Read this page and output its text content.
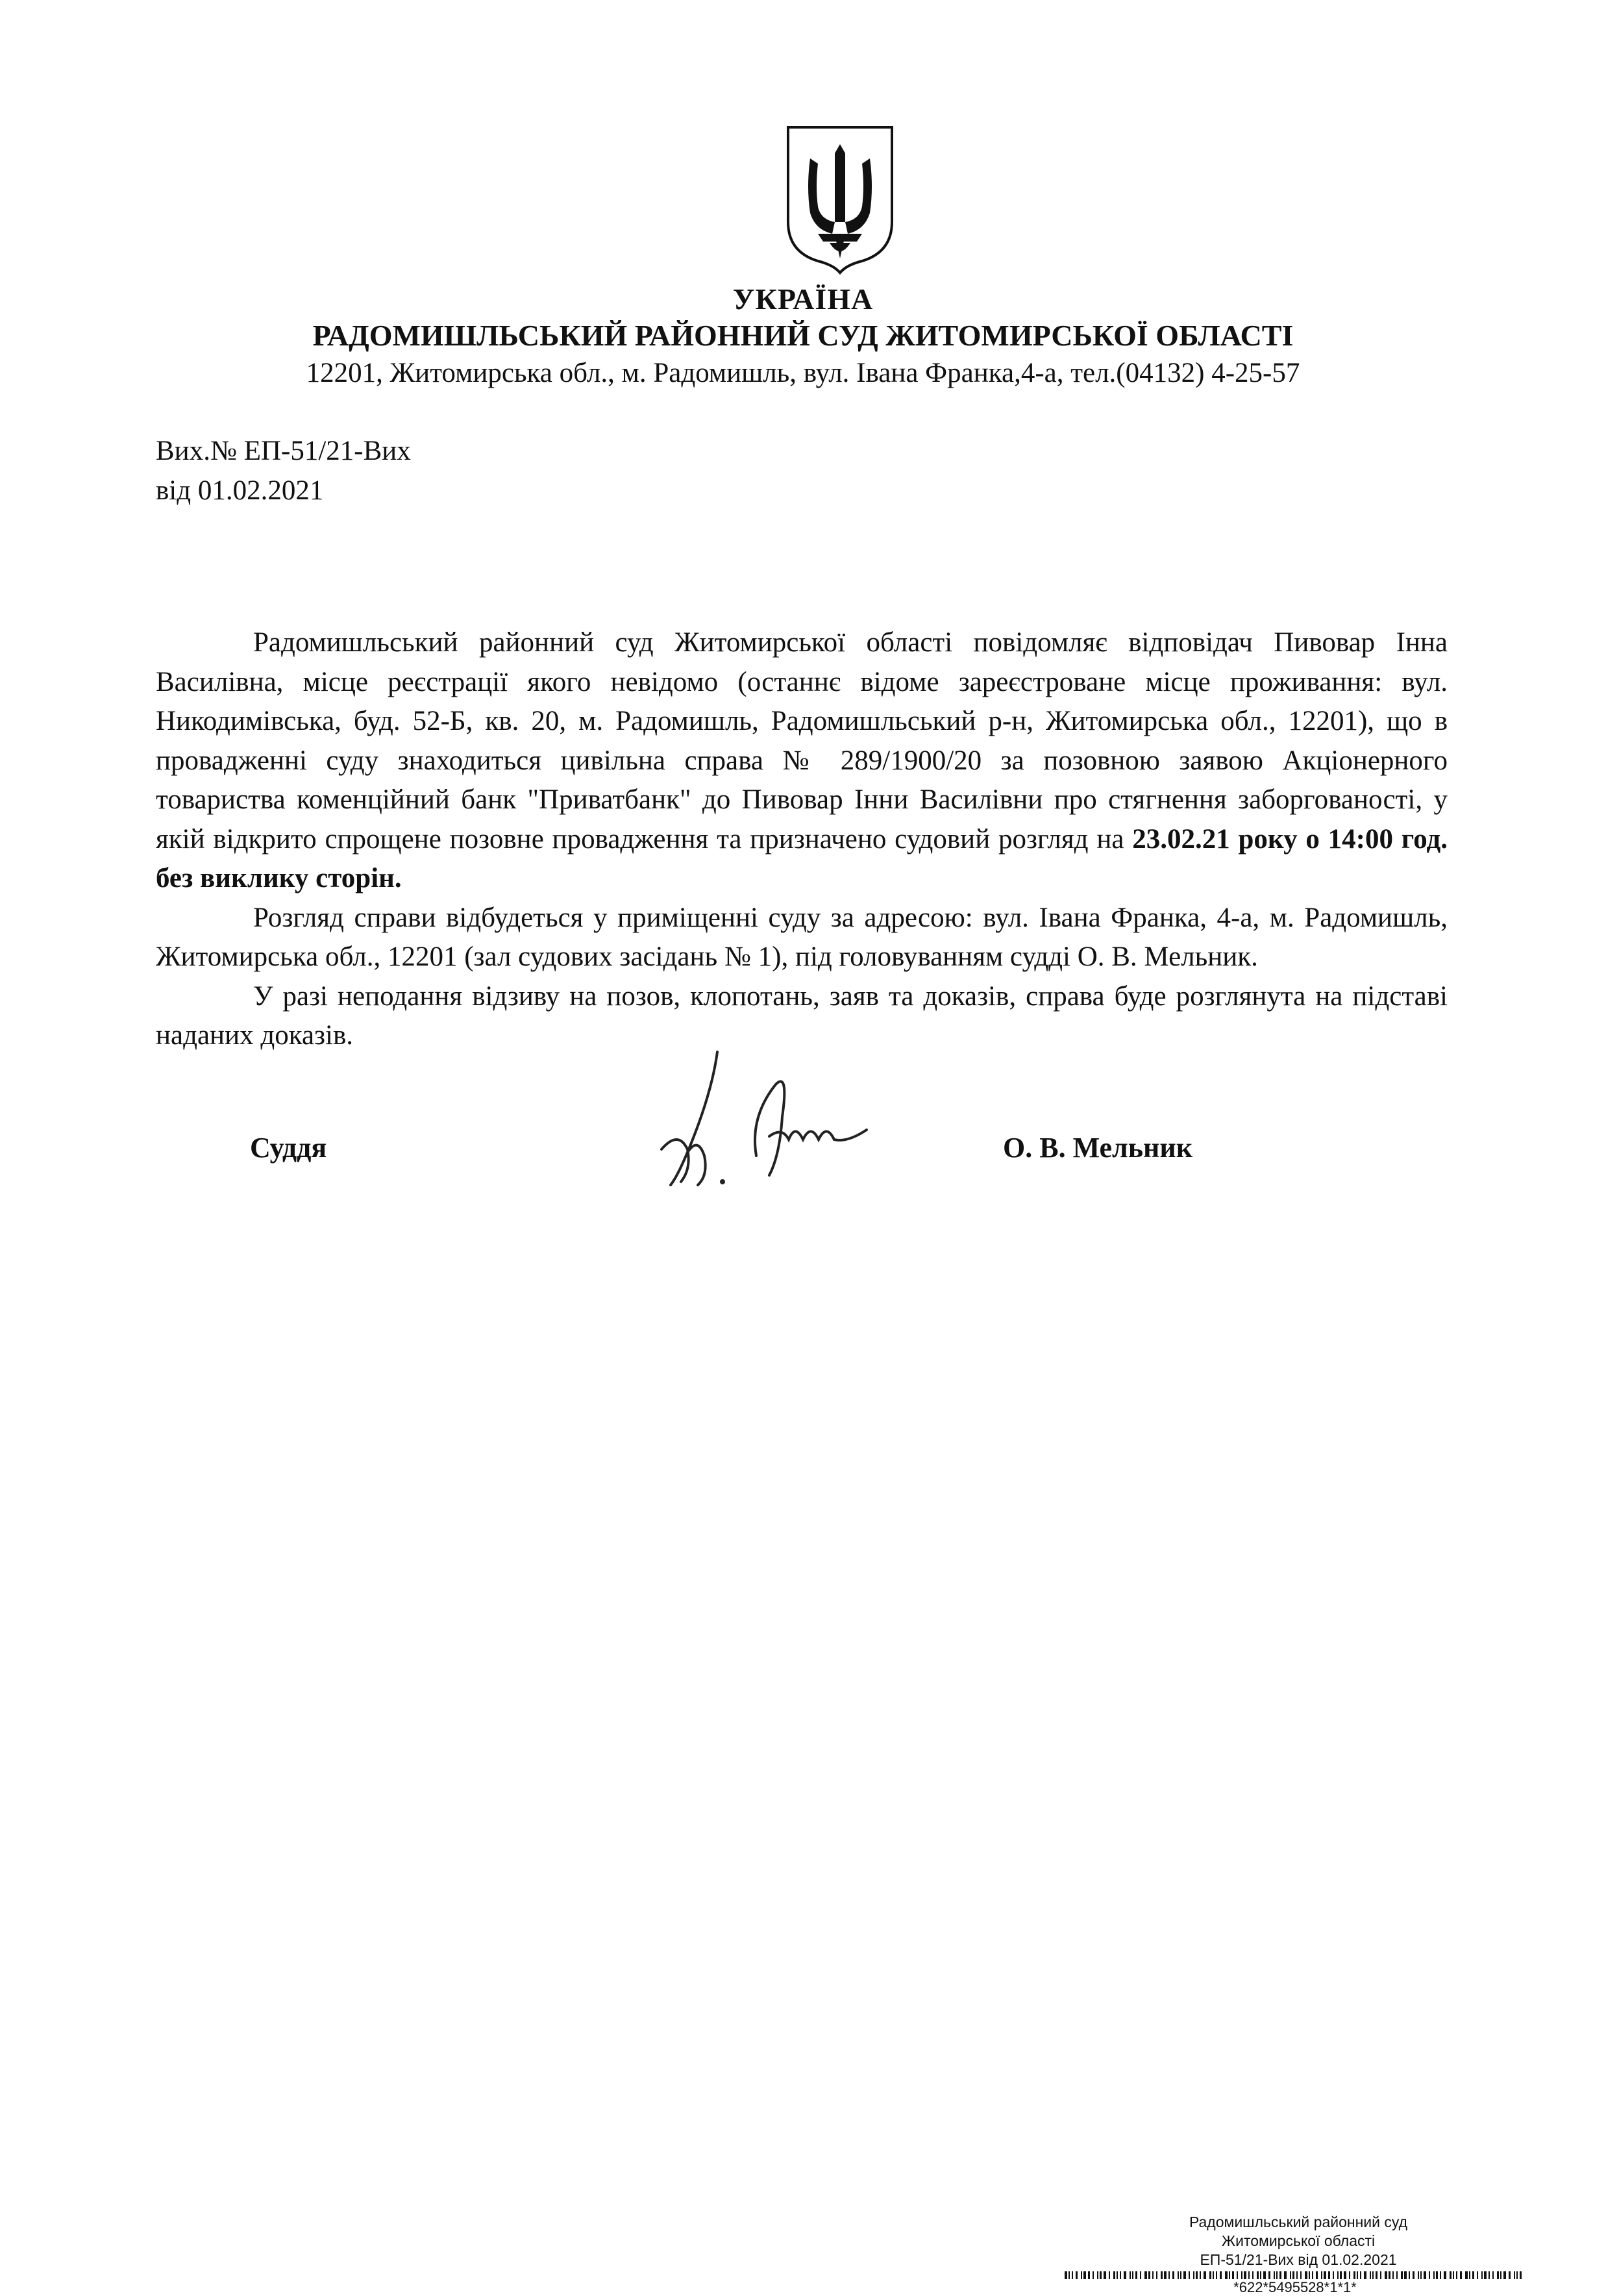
УКРАЇНА
РАДОМИШЛЬСЬКИЙ РАЙОННИЙ СУД ЖИТОМИРСЬКОЇ ОБЛАСТІ
12201, Житомирська обл., м. Радомишль, вул. Івана Франка,4-а, тел.(04132) 4-25-57
Вих.№ ЕП-51/21-Вих
від 01.02.2021

Радомишльський районний суд Житомирської області повідомляє відповідач Пивовар Інна Василівна, місце реєстрації якого невідомо (останнє відоме зареєстроване місце проживання: вул. Никодимівська, буд. 52-Б, кв. 20, м. Радомишль, Радомишльський р-н, Житомирська обл., 12201), що в провадженні суду знаходиться цивільна справа № 289/1900/20 за позовною заявою Акціонерного товариства коменційний банк "Приватбанк" до Пивовар Інни Василівни про стягнення заборгованості, у якій відкрито спрощене позовне провадження та призначено судовий розгляд на 23.02.21 року о 14:00 год. без виклику сторін.

Розгляд справи відбудеться у приміщенні суду за адресою: вул. Івана Франка, 4-а, м. Радомишль, Житомирська обл., 12201 (зал судових засідань № 1), під головуванням судді О. В. Мельник.

У разі неподання відзиву на позов, клопотань, заяв та доказів, справа буде розглянута на підставі наданих доказів.

Суддя	О. В. Мельник
Радомишльський районний суд
Житомирської області
ЕП-51/21-Вих від 01.02.2021
*622*5495528*1*1*
